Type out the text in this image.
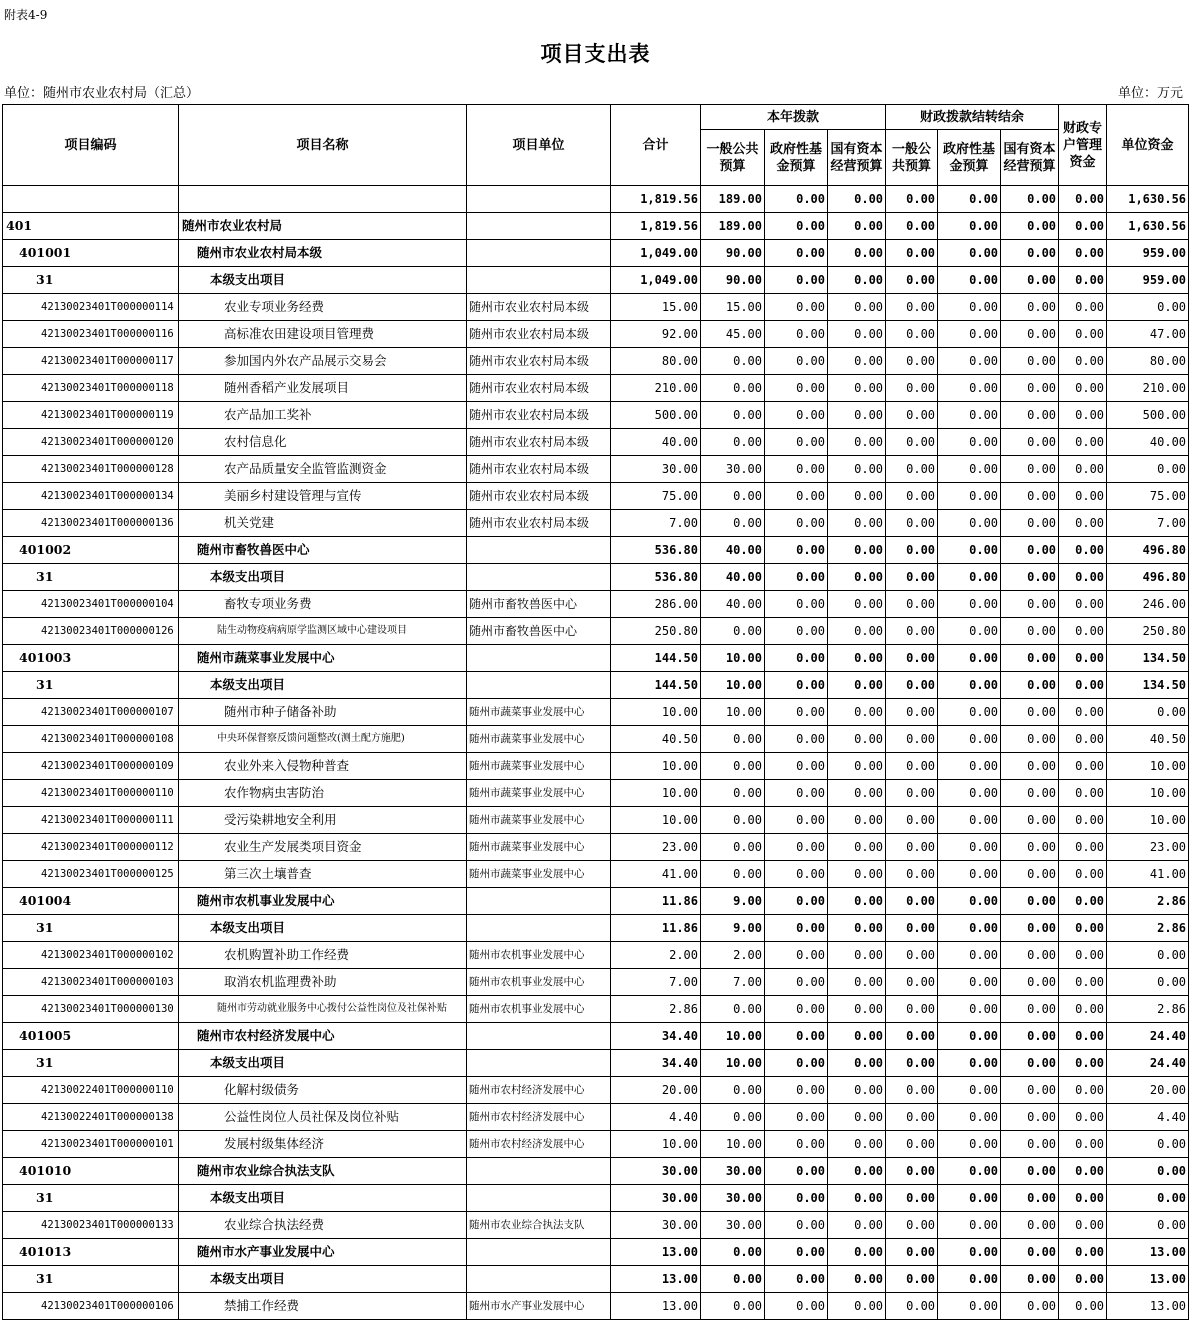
附表4-9
项目支出表
单位：随州市农业农村局（汇总）	单位：万元
项目编码	项目名称	项目单位	合计	本年拨款			财政拨款结转结余			财政专户管理资金	单位资金
				一般公共预算	政府性基金预算	国有资本经营预算	一般公共预算	政府性基金预算	国有资本经营预算		
			1,819.56	189.00	0.00	0.00	0.00	0.00	0.00	0.00	1,630.56
401	随州市农业农村局		1,819.56	189.00	0.00	0.00	0.00	0.00	0.00	0.00	1,630.56
401001	随州市农业农村局本级		1,049.00	90.00	0.00	0.00	0.00	0.00	0.00	0.00	959.00
31	本级支出项目		1,049.00	90.00	0.00	0.00	0.00	0.00	0.00	0.00	959.00
42130023401T000000114	农业专项业务经费	随州市农业农村局本级	15.00	15.00	0.00	0.00	0.00	0.00	0.00	0.00	0.00
42130023401T000000116	高标准农田建设项目管理费	随州市农业农村局本级	92.00	45.00	0.00	0.00	0.00	0.00	0.00	0.00	47.00
42130023401T000000117	参加国内外农产品展示交易会	随州市农业农村局本级	80.00	0.00	0.00	0.00	0.00	0.00	0.00	0.00	80.00
42130023401T000000118	随州香稻产业发展项目	随州市农业农村局本级	210.00	0.00	0.00	0.00	0.00	0.00	0.00	0.00	210.00
42130023401T000000119	农产品加工奖补	随州市农业农村局本级	500.00	0.00	0.00	0.00	0.00	0.00	0.00	0.00	500.00
42130023401T000000120	农村信息化	随州市农业农村局本级	40.00	0.00	0.00	0.00	0.00	0.00	0.00	0.00	40.00
42130023401T000000128	农产品质量安全监管监测资金	随州市农业农村局本级	30.00	30.00	0.00	0.00	0.00	0.00	0.00	0.00	0.00
42130023401T000000134	美丽乡村建设管理与宣传	随州市农业农村局本级	75.00	0.00	0.00	0.00	0.00	0.00	0.00	0.00	75.00
42130023401T000000136	机关党建	随州市农业农村局本级	7.00	0.00	0.00	0.00	0.00	0.00	0.00	0.00	7.00
401002	随州市畜牧兽医中心		536.80	40.00	0.00	0.00	0.00	0.00	0.00	0.00	496.80
31	本级支出项目		536.80	40.00	0.00	0.00	0.00	0.00	0.00	0.00	496.80
42130023401T000000104	畜牧专项业务费	随州市畜牧兽医中心	286.00	40.00	0.00	0.00	0.00	0.00	0.00	0.00	246.00
42130023401T000000126	陆生动物疫病病原学监测区域中心建设项目	随州市畜牧兽医中心	250.80	0.00	0.00	0.00	0.00	0.00	0.00	0.00	250.80
401003	随州市蔬菜事业发展中心		144.50	10.00	0.00	0.00	0.00	0.00	0.00	0.00	134.50
31	本级支出项目		144.50	10.00	0.00	0.00	0.00	0.00	0.00	0.00	134.50
42130023401T000000107	随州市种子储备补助	随州市蔬菜事业发展中心	10.00	10.00	0.00	0.00	0.00	0.00	0.00	0.00	0.00
42130023401T000000108	中央环保督察反馈问题整改(测土配方施肥)	随州市蔬菜事业发展中心	40.50	0.00	0.00	0.00	0.00	0.00	0.00	0.00	40.50
42130023401T000000109	农业外来入侵物种普查	随州市蔬菜事业发展中心	10.00	0.00	0.00	0.00	0.00	0.00	0.00	0.00	10.00
42130023401T000000110	农作物病虫害防治	随州市蔬菜事业发展中心	10.00	0.00	0.00	0.00	0.00	0.00	0.00	0.00	10.00
42130023401T000000111	受污染耕地安全利用	随州市蔬菜事业发展中心	10.00	0.00	0.00	0.00	0.00	0.00	0.00	0.00	10.00
42130023401T000000112	农业生产发展类项目资金	随州市蔬菜事业发展中心	23.00	0.00	0.00	0.00	0.00	0.00	0.00	0.00	23.00
42130023401T000000125	第三次土壤普查	随州市蔬菜事业发展中心	41.00	0.00	0.00	0.00	0.00	0.00	0.00	0.00	41.00
401004	随州市农机事业发展中心		11.86	9.00	0.00	0.00	0.00	0.00	0.00	0.00	2.86
31	本级支出项目		11.86	9.00	0.00	0.00	0.00	0.00	0.00	0.00	2.86
42130023401T000000102	农机购置补助工作经费	随州市农机事业发展中心	2.00	2.00	0.00	0.00	0.00	0.00	0.00	0.00	0.00
42130023401T000000103	取消农机监理费补助	随州市农机事业发展中心	7.00	7.00	0.00	0.00	0.00	0.00	0.00	0.00	0.00
42130023401T000000130	随州市劳动就业服务中心拨付公益性岗位及社保补贴	随州市农机事业发展中心	2.86	0.00	0.00	0.00	0.00	0.00	0.00	0.00	2.86
401005	随州市农村经济发展中心		34.40	10.00	0.00	0.00	0.00	0.00	0.00	0.00	24.40
31	本级支出项目		34.40	10.00	0.00	0.00	0.00	0.00	0.00	0.00	24.40
42130022401T000000110	化解村级债务	随州市农村经济发展中心	20.00	0.00	0.00	0.00	0.00	0.00	0.00	0.00	20.00
42130022401T000000138	公益性岗位人员社保及岗位补贴	随州市农村经济发展中心	4.40	0.00	0.00	0.00	0.00	0.00	0.00	0.00	4.40
42130023401T000000101	发展村级集体经济	随州市农村经济发展中心	10.00	10.00	0.00	0.00	0.00	0.00	0.00	0.00	0.00
401010	随州市农业综合执法支队		30.00	30.00	0.00	0.00	0.00	0.00	0.00	0.00	0.00
31	本级支出项目		30.00	30.00	0.00	0.00	0.00	0.00	0.00	0.00	0.00
42130023401T000000133	农业综合执法经费	随州市农业综合执法支队	30.00	30.00	0.00	0.00	0.00	0.00	0.00	0.00	0.00
401013	随州市水产事业发展中心		13.00	0.00	0.00	0.00	0.00	0.00	0.00	0.00	13.00
31	本级支出项目		13.00	0.00	0.00	0.00	0.00	0.00	0.00	0.00	13.00
42130023401T000000106	禁捕工作经费	随州市水产事业发展中心	13.00	0.00	0.00	0.00	0.00	0.00	0.00	0.00	13.00
